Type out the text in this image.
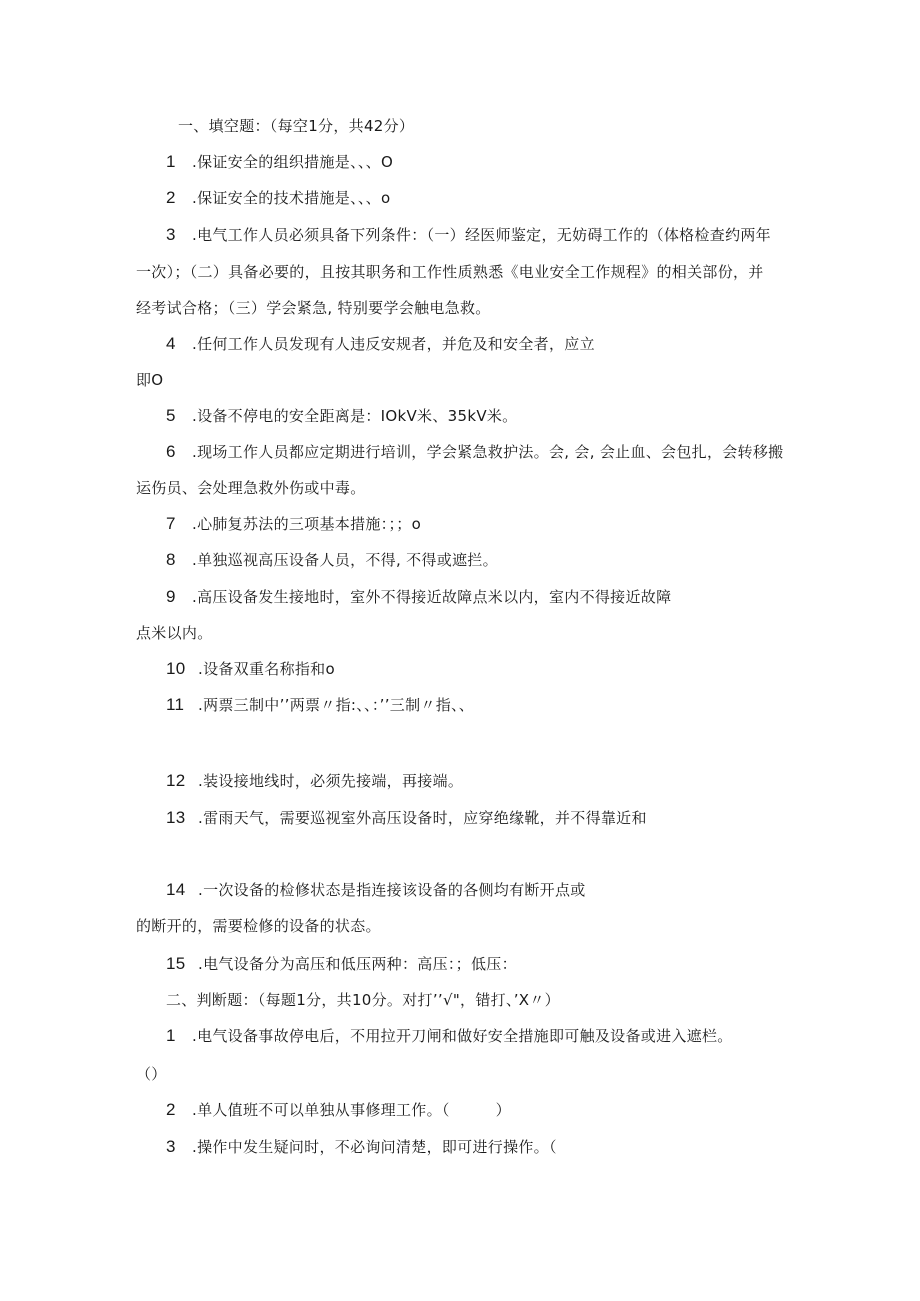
一、填空题：（每空1分，共42分）
1 .保证安全的组织措施是、、、O
2 .保证安全的技术措施是、、、o
3 .电气工作人员必须具备下列条件：（一）经医师鉴定，无妨碍工作的（体格检查约两年
一次）；（二）具备必要的，且按其职务和工作性质熟悉《电业安全工作规程》的相关部份，并
经考试合格；（三）学会紧急, 特别要学会触电急救。
4 .任何工作人员发现有人违反安规者，并危及和安全者，应立
即O
5 .设备不停电的安全距离是：IOkV米、35kV米。
6 .现场工作人员都应定期进行培训，学会紧急救护法。会, 会, 会止血、会包扎，会转移搬
运伤员、会处理急救外伤或中毒。
7 .心肺复苏法的三项基本措施：；；o
8 .单独巡视高压设备人员，不得, 不得或遮拦。
9 .高压设备发生接地时，室外不得接近故障点米以内，室内不得接近故障
点米以内。
10 .设备双重名称指和o
11 .两票三制中’’两票〃指:、、：’’三制〃指、、
12 .装设接地线时，必须先接端，再接端。
13 .雷雨天气，需要巡视室外高压设备时，应穿绝缘靴，并不得靠近和
14 .一次设备的检修状态是指连接该设备的各侧均有断开点或
的断开的，需要检修的设备的状态。
15 .电气设备分为高压和低压两种：高压：；低压：
二、判断题：（每题1分，共10分。对打’’√"，错打、’X〃）
1 .电气设备事故停电后，不用拉开刀闸和做好安全措施即可触及设备或进入遮栏。
（）
2 .单人值班不可以单独从事修理工作。（　　　）
3 .操作中发生疑问时，不必询问清楚，即可进行操作。（
